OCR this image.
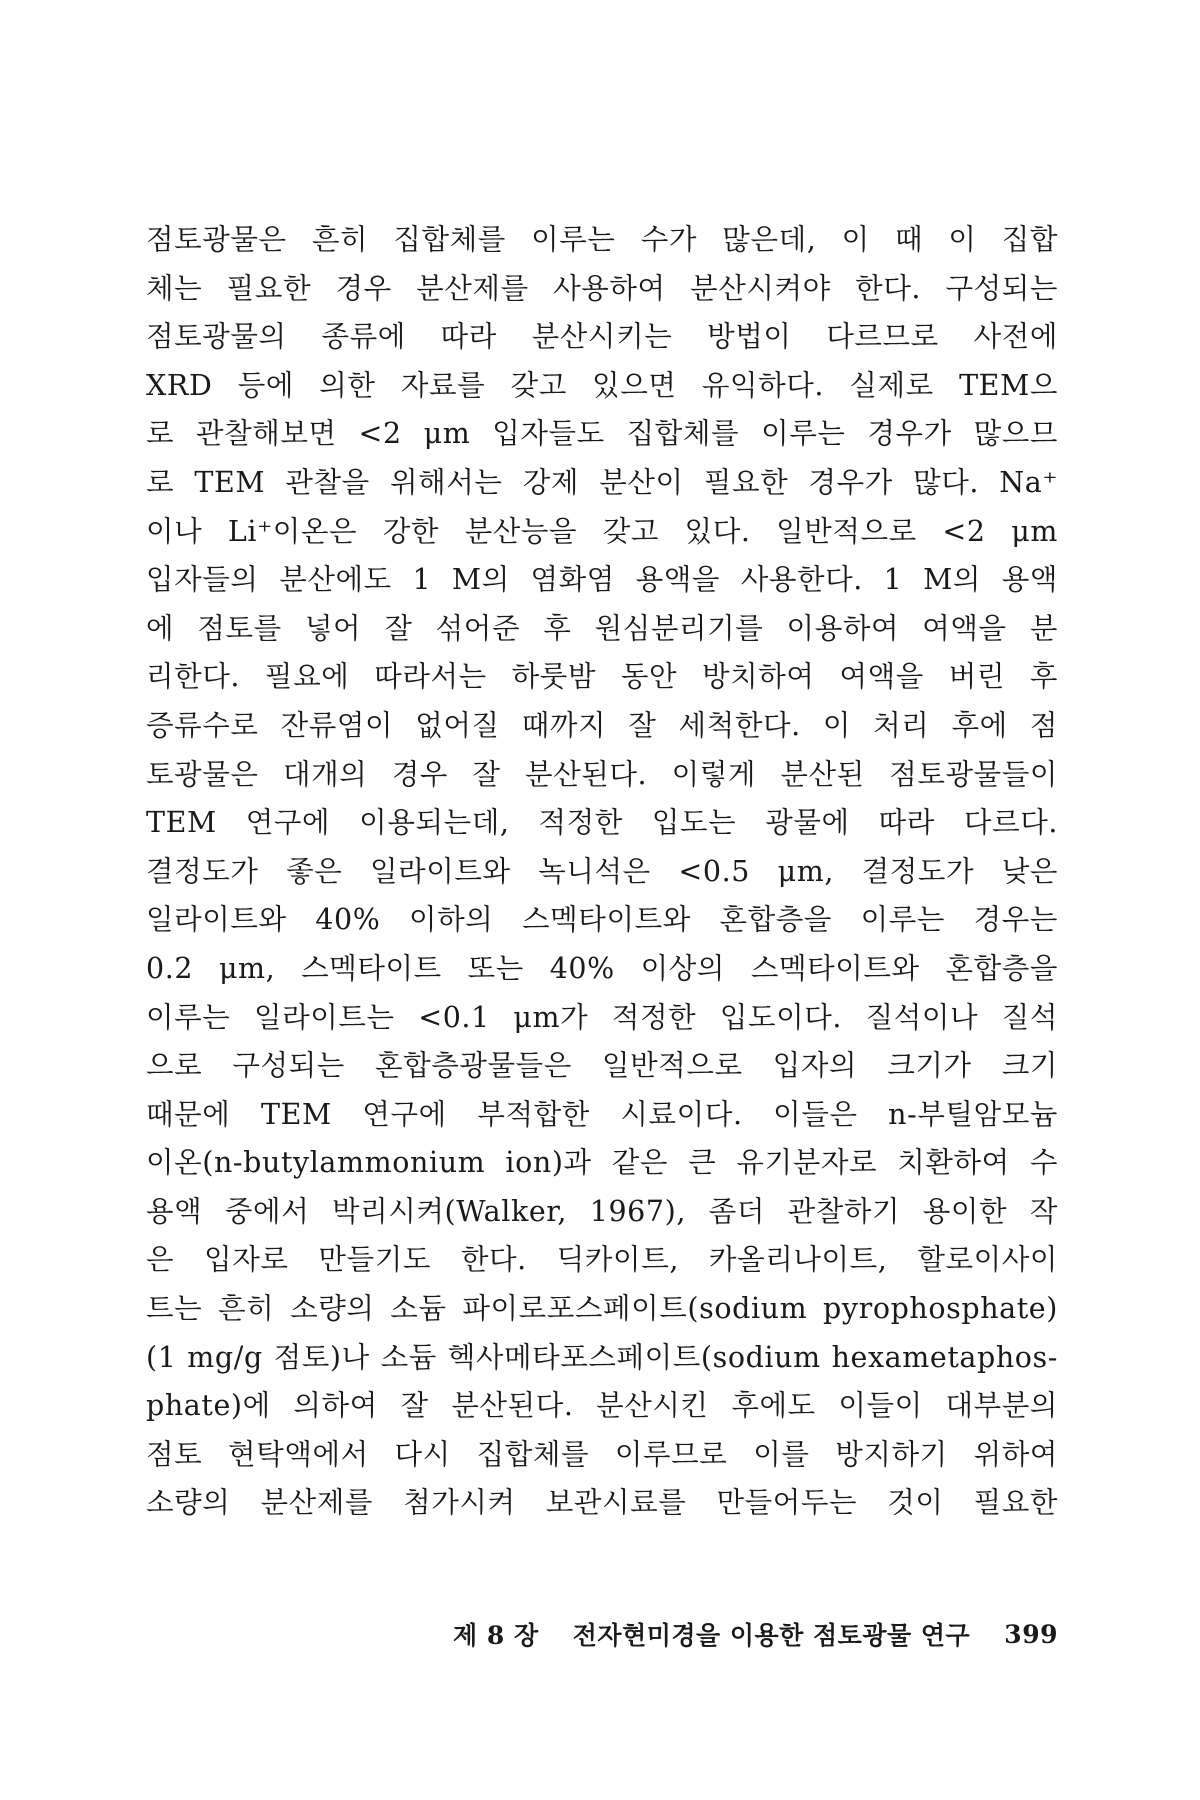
점토광물은 흔히 집합체를 이루는 수가 많은데, 이 때 이 집합
체는 필요한 경우 분산제를 사용하여 분산시켜야 한다. 구성되는
점토광물의 종류에 따라 분산시키는 방법이 다르므로 사전에
XRD 등에 의한 자료를 갖고 있으면 유익하다. 실제로 TEM으
로 관찰해보면 <2 μm 입자들도 집합체를 이루는 경우가 많으므
로 TEM 관찰을 위해서는 강제 분산이 필요한 경우가 많다. Na⁺
이나 Li⁺이온은 강한 분산능을 갖고 있다. 일반적으로 <2 μm
입자들의 분산에도 1 M의 염화염 용액을 사용한다. 1 M의 용액
에 점토를 넣어 잘 섞어준 후 원심분리기를 이용하여 여액을 분
리한다. 필요에 따라서는 하룻밤 동안 방치하여 여액을 버린 후
증류수로 잔류염이 없어질 때까지 잘 세척한다. 이 처리 후에 점
토광물은 대개의 경우 잘 분산된다. 이렇게 분산된 점토광물들이
TEM 연구에 이용되는데, 적정한 입도는 광물에 따라 다르다.
결정도가 좋은 일라이트와 녹니석은 <0.5 μm, 결정도가 낮은
일라이트와 40% 이하의 스멕타이트와 혼합층을 이루는 경우는
0.2 μm, 스멕타이트 또는 40% 이상의 스멕타이트와 혼합층을
이루는 일라이트는 <0.1 μm가 적정한 입도이다. 질석이나 질석
으로 구성되는 혼합층광물들은 일반적으로 입자의 크기가 크기
때문에 TEM 연구에 부적합한 시료이다. 이들은 n-부틸암모늄
이온(n-butylammonium ion)과 같은 큰 유기분자로 치환하여 수
용액 중에서 박리시켜(Walker, 1967), 좀더 관찰하기 용이한 작
은 입자로 만들기도 한다. 딕카이트, 카올리나이트, 할로이사이
트는 흔히 소량의 소듐 파이로포스페이트(sodium pyrophosphate)
(1 mg/g 점토)나 소듐 헥사메타포스페이트(sodium hexametaphos-
phate)에 의하여 잘 분산된다. 분산시킨 후에도 이들이 대부분의
점토 현탁액에서 다시 집합체를 이루므로 이를 방지하기 위하여
소량의 분산제를 첨가시켜 보관시료를 만들어두는 것이 필요한
제 8 장 전자현미경을 이용한 점토광물 연구 399
